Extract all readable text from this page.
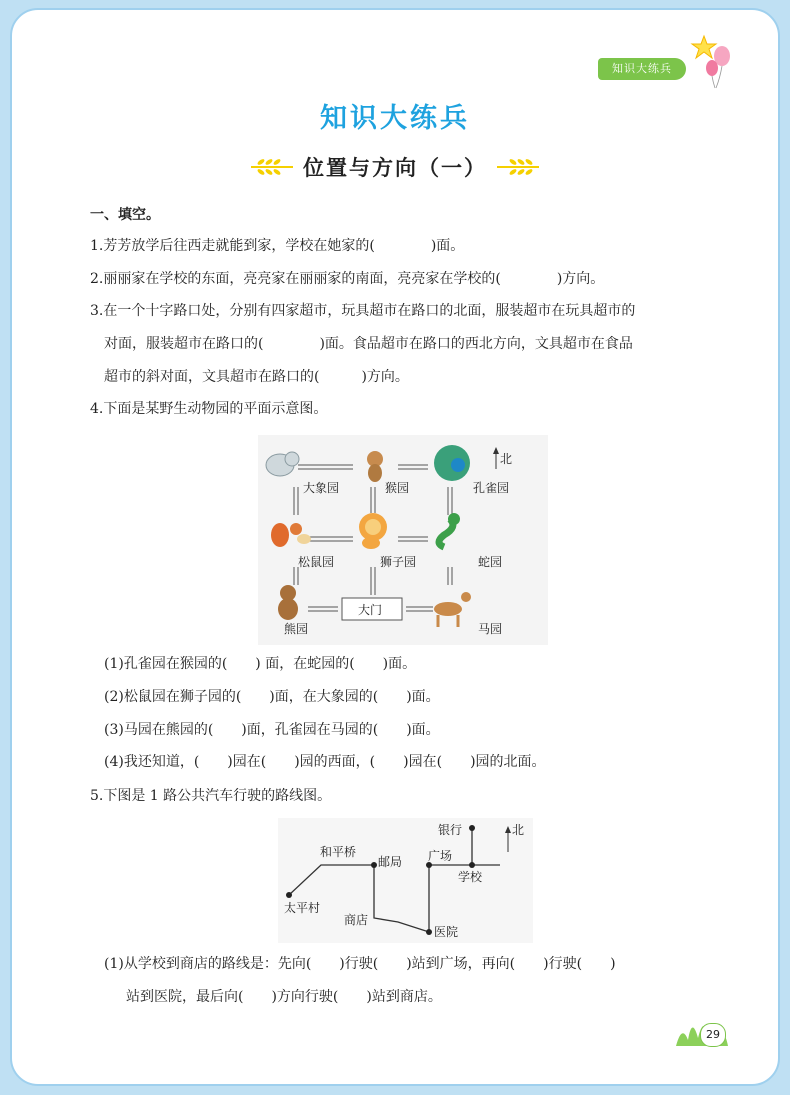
知识大练兵
知识大练兵
位置与方向（一）
一、填空。
1.芳芳放学后往西走就能到家，学校在她家的(　　　　)面。
2.丽丽家在学校的东面，亮亮家在丽丽家的南面，亮亮家在学校的(　　　　)方向。
3.在一个十字路口处，分别有四家超市，玩具超市在路口的北面，服装超市在玩具超市的
对面，服装超市在路口的(　　　　)面。食品超市在路口的西北方向，文具超市在食品
超市的斜对面，文具超市在路口的(　　　)方向。
4.下面是某野生动物园的平面示意图。
北
大门
大象园	猴园	孔雀园
松鼠园	狮子园	蛇园
熊园	马园
(1)孔雀园在猴园的(　　) 面，在蛇园的(　　)面。
(2)松鼠园在狮子园的(　　)面，在大象园的(　　)面。
(3)马园在熊园的(　　)面，孔雀园在马园的(　　)面。
(4)我还知道，(　　)园在(　　)园的西面，(　　)园在(　　)园的北面。
5.下图是 1 路公共汽车行驶的路线图。
北
银行
和平桥
邮局 广场
学校
太平村
商店
医院
(1)从学校到商店的路线是：先向(　　)行驶(　　)站到广场，再向(　　)行驶(　　)
站到医院，最后向(　　)方向行驶(　　)站到商店。
29
